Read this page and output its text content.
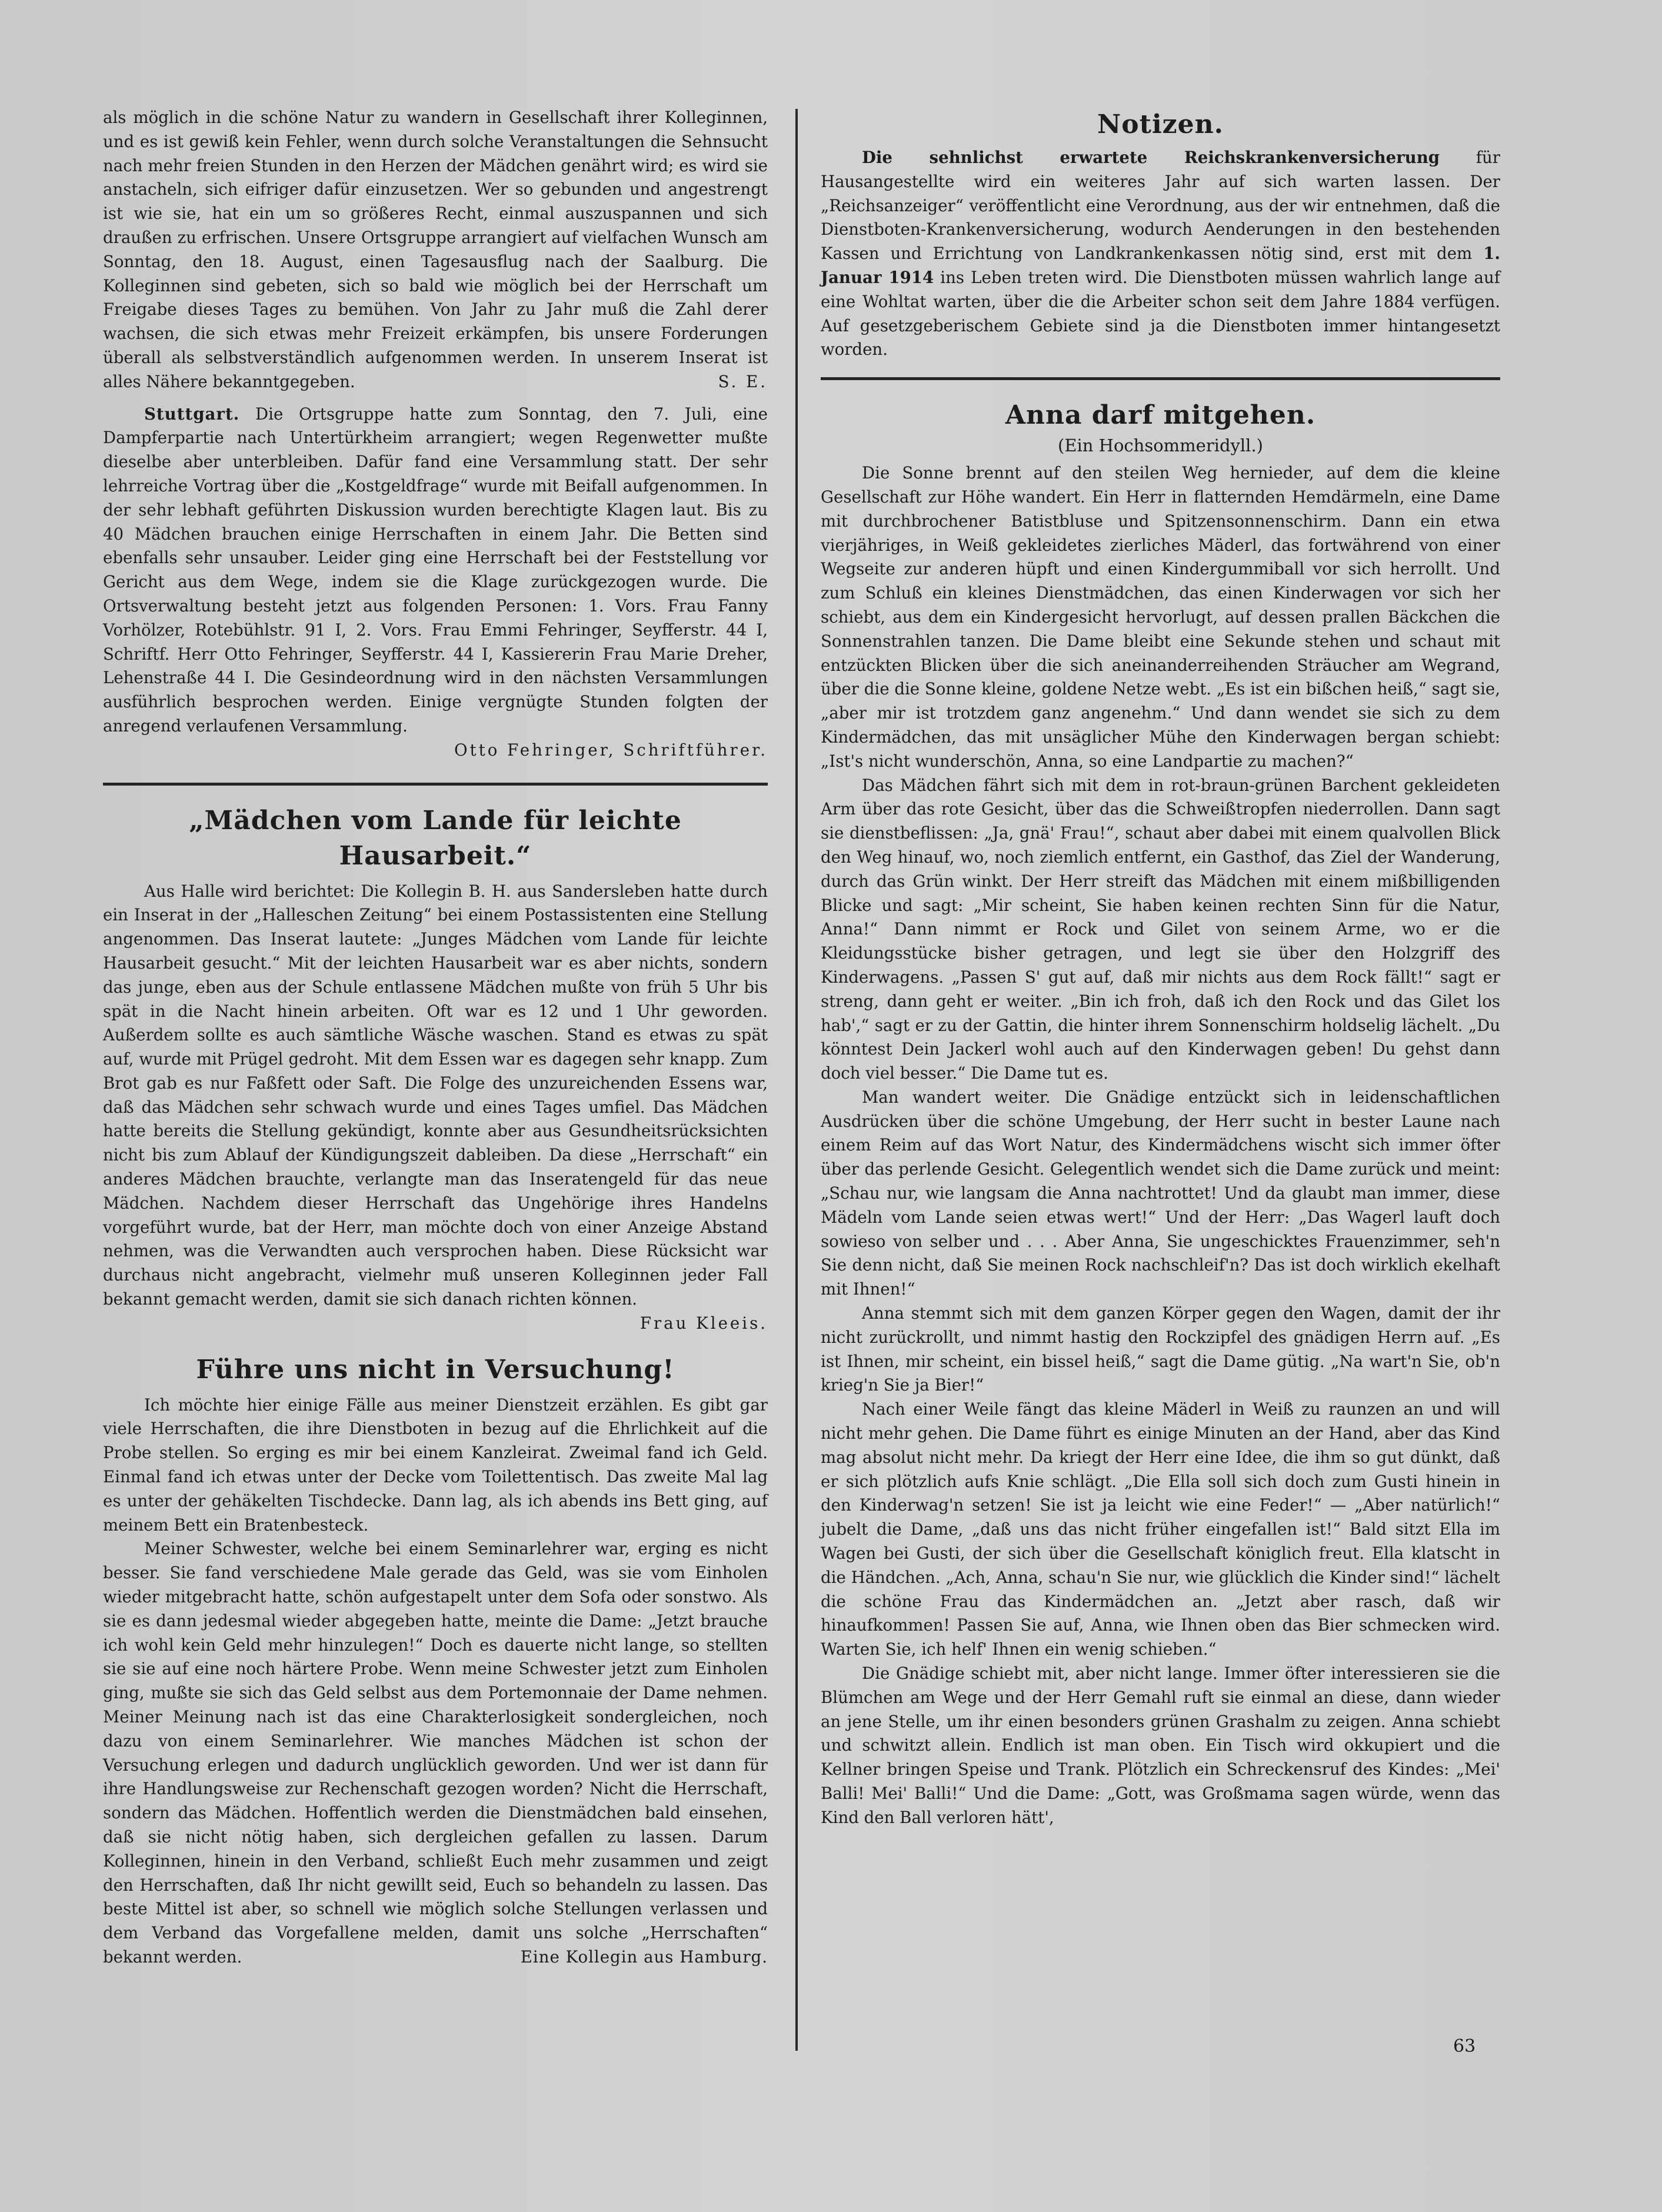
als möglich in die schöne Natur zu wandern in Gesellschaft ihrer Kolleginnen, und es ist gewiß kein Fehler, wenn durch solche Veranstaltungen die Sehnsucht nach mehr freien Stunden in den Herzen der Mädchen genährt wird; es wird sie anstacheln, sich eifriger dafür einzusetzen. Wer so gebunden und angestrengt ist wie sie, hat ein um so größeres Recht, einmal auszuspannen und sich draußen zu erfrischen. Unsere Ortsgruppe arrangiert auf vielfachen Wunsch am Sonntag, den 18. August, einen Tagesausflug nach der Saalburg. Die Kolleginnen sind gebeten, sich so bald wie möglich bei der Herrschaft um Freigabe dieses Tages zu bemühen. Von Jahr zu Jahr muß die Zahl derer wachsen, die sich etwas mehr Freizeit erkämpfen, bis unsere Forderungen überall als selbstverständlich aufgenommen werden. In unserem Inserat ist alles Nähere bekanntgegeben.	S. E.

Stuttgart. Die Ortsgruppe hatte zum Sonntag, den 7. Juli, eine Dampferpartie nach Untertürkheim arrangiert; wegen Regenwetter mußte dieselbe aber unterbleiben. Dafür fand eine Versammlung statt. Der sehr lehrreiche Vortrag über die „Kostgeldfrage“ wurde mit Beifall aufgenommen. In der sehr lebhaft geführten Diskussion wurden berechtigte Klagen laut. Bis zu 40 Mädchen brauchen einige Herrschaften in einem Jahr. Die Betten sind ebenfalls sehr unsauber. Leider ging eine Herrschaft bei der Feststellung vor Gericht aus dem Wege, indem sie die Klage zurückgezogen wurde. Die Ortsverwaltung besteht jetzt aus folgenden Personen: 1. Vors. Frau Fanny Vorhölzer, Rotebühlstr. 91 I, 2. Vors. Frau Emmi Fehringer, Seyfferstr. 44 I, Schriftf. Herr Otto Fehringer, Seyfferstr. 44 I, Kassiererin Frau Marie Dreher, Lehenstraße 44 I. Die Gesindeordnung wird in den nächsten Versammlungen ausführlich besprochen werden. Einige vergnügte Stunden folgten der anregend verlaufenen Versammlung.

Otto Fehringer, Schriftführer.

„Mädchen vom Lande für leichte Hausarbeit.“

Aus Halle wird berichtet: Die Kollegin B. H. aus Sandersleben hatte durch ein Inserat in der „Halleschen Zeitung“ bei einem Postassistenten eine Stellung angenommen. Das Inserat lautete: „Junges Mädchen vom Lande für leichte Hausarbeit gesucht.“ Mit der leichten Hausarbeit war es aber nichts, sondern das junge, eben aus der Schule entlassene Mädchen mußte von früh 5 Uhr bis spät in die Nacht hinein arbeiten. Oft war es 12 und 1 Uhr geworden. Außerdem sollte es auch sämtliche Wäsche waschen. Stand es etwas zu spät auf, wurde mit Prügel gedroht. Mit dem Essen war es dagegen sehr knapp. Zum Brot gab es nur Faßfett oder Saft. Die Folge des unzureichenden Essens war, daß das Mädchen sehr schwach wurde und eines Tages umfiel. Das Mädchen hatte bereits die Stellung gekündigt, konnte aber aus Gesundheitsrücksichten nicht bis zum Ablauf der Kündigungszeit dableiben. Da diese „Herrschaft“ ein anderes Mädchen brauchte, verlangte man das Inseratengeld für das neue Mädchen. Nachdem dieser Herrschaft das Ungehörige ihres Handelns vorgeführt wurde, bat der Herr, man möchte doch von einer Anzeige Abstand nehmen, was die Verwandten auch versprochen haben. Diese Rücksicht war durchaus nicht angebracht, vielmehr muß unseren Kolleginnen jeder Fall bekannt gemacht werden, damit sie sich danach richten können.

Frau Kleeis.

Führe uns nicht in Versuchung!

Ich möchte hier einige Fälle aus meiner Dienstzeit erzählen. Es gibt gar viele Herrschaften, die ihre Dienstboten in bezug auf die Ehrlichkeit auf die Probe stellen. So erging es mir bei einem Kanzleirat. Zweimal fand ich Geld. Einmal fand ich etwas unter der Decke vom Toilettentisch. Das zweite Mal lag es unter der gehäkelten Tischdecke. Dann lag, als ich abends ins Bett ging, auf meinem Bett ein Bratenbesteck.

Meiner Schwester, welche bei einem Seminarlehrer war, erging es nicht besser. Sie fand verschiedene Male gerade das Geld, was sie vom Einholen wieder mitgebracht hatte, schön aufgestapelt unter dem Sofa oder sonstwo. Als sie es dann jedesmal wieder abgegeben hatte, meinte die Dame: „Jetzt brauche ich wohl kein Geld mehr hinzulegen!“ Doch es dauerte nicht lange, so stellten sie sie auf eine noch härtere Probe. Wenn meine Schwester jetzt zum Einholen ging, mußte sie sich das Geld selbst aus dem Portemonnaie der Dame nehmen. Meiner Meinung nach ist das eine Charakterlosigkeit sondergleichen, noch dazu von einem Seminarlehrer. Wie manches Mädchen ist schon der Versuchung erlegen und dadurch unglücklich geworden. Und wer ist dann für ihre Handlungsweise zur Rechenschaft gezogen worden? Nicht die Herrschaft, sondern das Mädchen. Hoffentlich werden die Dienstmädchen bald einsehen, daß sie nicht nötig haben, sich dergleichen gefallen zu lassen. Darum Kolleginnen, hinein in den Verband, schließt Euch mehr zusammen und zeigt den Herrschaften, daß Ihr nicht gewillt seid, Euch so behandeln zu lassen. Das beste Mittel ist aber, so schnell wie möglich solche Stellungen verlassen und dem Verband das Vorgefallene melden, damit uns solche „Herrschaften“ bekannt werden.	Eine Kollegin aus Hamburg.

Notizen.

Die sehnlichst erwartete Reichskrankenversicherung für Hausangestellte wird ein weiteres Jahr auf sich warten lassen. Der „Reichsanzeiger“ veröffentlicht eine Verordnung, aus der wir entnehmen, daß die Dienstboten-Krankenversicherung, wodurch Aenderungen in den bestehenden Kassen und Errichtung von Landkrankenkassen nötig sind, erst mit dem 1. Januar 1914 ins Leben treten wird. Die Dienstboten müssen wahrlich lange auf eine Wohltat warten, über die die Arbeiter schon seit dem Jahre 1884 verfügen. Auf gesetzgeberischem Gebiete sind ja die Dienstboten immer hintangesetzt worden.

Anna darf mitgehen.

(Ein Hochsommeridyll.)

Die Sonne brennt auf den steilen Weg hernieder, auf dem die kleine Gesellschaft zur Höhe wandert. Ein Herr in flatternden Hemdärmeln, eine Dame mit durchbrochener Batistbluse und Spitzensonnenschirm. Dann ein etwa vierjähriges, in Weiß gekleidetes zierliches Mäderl, das fortwährend von einer Wegseite zur anderen hüpft und einen Kindergummiball vor sich herrollt. Und zum Schluß ein kleines Dienstmädchen, das einen Kinderwagen vor sich her schiebt, aus dem ein Kindergesicht hervorlugt, auf dessen prallen Bäckchen die Sonnenstrahlen tanzen. Die Dame bleibt eine Sekunde stehen und schaut mit entzückten Blicken über die sich aneinanderreihenden Sträucher am Wegrand, über die die Sonne kleine, goldene Netze webt. „Es ist ein bißchen heiß,“ sagt sie, „aber mir ist trotzdem ganz angenehm.“ Und dann wendet sie sich zu dem Kindermädchen, das mit unsäglicher Mühe den Kinderwagen bergan schiebt: „Ist's nicht wunderschön, Anna, so eine Landpartie zu machen?“

Das Mädchen fährt sich mit dem in rot-braun-grünen Barchent gekleideten Arm über das rote Gesicht, über das die Schweißtropfen niederrollen. Dann sagt sie dienstbeflissen: „Ja, gnä' Frau!“, schaut aber dabei mit einem qualvollen Blick den Weg hinauf, wo, noch ziemlich entfernt, ein Gasthof, das Ziel der Wanderung, durch das Grün winkt. Der Herr streift das Mädchen mit einem mißbilligenden Blicke und sagt: „Mir scheint, Sie haben keinen rechten Sinn für die Natur, Anna!“ Dann nimmt er Rock und Gilet von seinem Arme, wo er die Kleidungsstücke bisher getragen, und legt sie über den Holzgriff des Kinderwagens. „Passen S' gut auf, daß mir nichts aus dem Rock fällt!“ sagt er streng, dann geht er weiter. „Bin ich froh, daß ich den Rock und das Gilet los hab',“ sagt er zu der Gattin, die hinter ihrem Sonnenschirm holdselig lächelt. „Du könntest Dein Jackerl wohl auch auf den Kinderwagen geben! Du gehst dann doch viel besser.“ Die Dame tut es.

Man wandert weiter. Die Gnädige entzückt sich in leidenschaftlichen Ausdrücken über die schöne Umgebung, der Herr sucht in bester Laune nach einem Reim auf das Wort Natur, des Kindermädchens wischt sich immer öfter über das perlende Gesicht. Gelegentlich wendet sich die Dame zurück und meint: „Schau nur, wie langsam die Anna nachtrottet! Und da glaubt man immer, diese Mädeln vom Lande seien etwas wert!“ Und der Herr: „Das Wagerl lauft doch sowieso von selber und . . . Aber Anna, Sie ungeschicktes Frauenzimmer, seh'n Sie denn nicht, daß Sie meinen Rock nachschleif'n? Das ist doch wirklich ekelhaft mit Ihnen!“

Anna stemmt sich mit dem ganzen Körper gegen den Wagen, damit der ihr nicht zurückrollt, und nimmt hastig den Rockzipfel des gnädigen Herrn auf. „Es ist Ihnen, mir scheint, ein bissel heiß,“ sagt die Dame gütig. „Na wart'n Sie, ob'n krieg'n Sie ja Bier!“

Nach einer Weile fängt das kleine Mäderl in Weiß zu raunzen an und will nicht mehr gehen. Die Dame führt es einige Minuten an der Hand, aber das Kind mag absolut nicht mehr. Da kriegt der Herr eine Idee, die ihm so gut dünkt, daß er sich plötzlich aufs Knie schlägt. „Die Ella soll sich doch zum Gusti hinein in den Kinderwag'n setzen! Sie ist ja leicht wie eine Feder!“ — „Aber natürlich!“ jubelt die Dame, „daß uns das nicht früher eingefallen ist!“ Bald sitzt Ella im Wagen bei Gusti, der sich über die Gesellschaft königlich freut. Ella klatscht in die Händchen. „Ach, Anna, schau'n Sie nur, wie glücklich die Kinder sind!“ lächelt die schöne Frau das Kindermädchen an. „Jetzt aber rasch, daß wir hinaufkommen! Passen Sie auf, Anna, wie Ihnen oben das Bier schmecken wird. Warten Sie, ich helf' Ihnen ein wenig schieben.“

Die Gnädige schiebt mit, aber nicht lange. Immer öfter interessieren sie die Blümchen am Wege und der Herr Gemahl ruft sie einmal an diese, dann wieder an jene Stelle, um ihr einen besonders grünen Grashalm zu zeigen. Anna schiebt und schwitzt allein. Endlich ist man oben. Ein Tisch wird okkupiert und die Kellner bringen Speise und Trank. Plötzlich ein Schreckensruf des Kindes: „Mei' Balli! Mei' Balli!“ Und die Dame: „Gott, was Großmama sagen würde, wenn das Kind den Ball verloren hätt',

63
